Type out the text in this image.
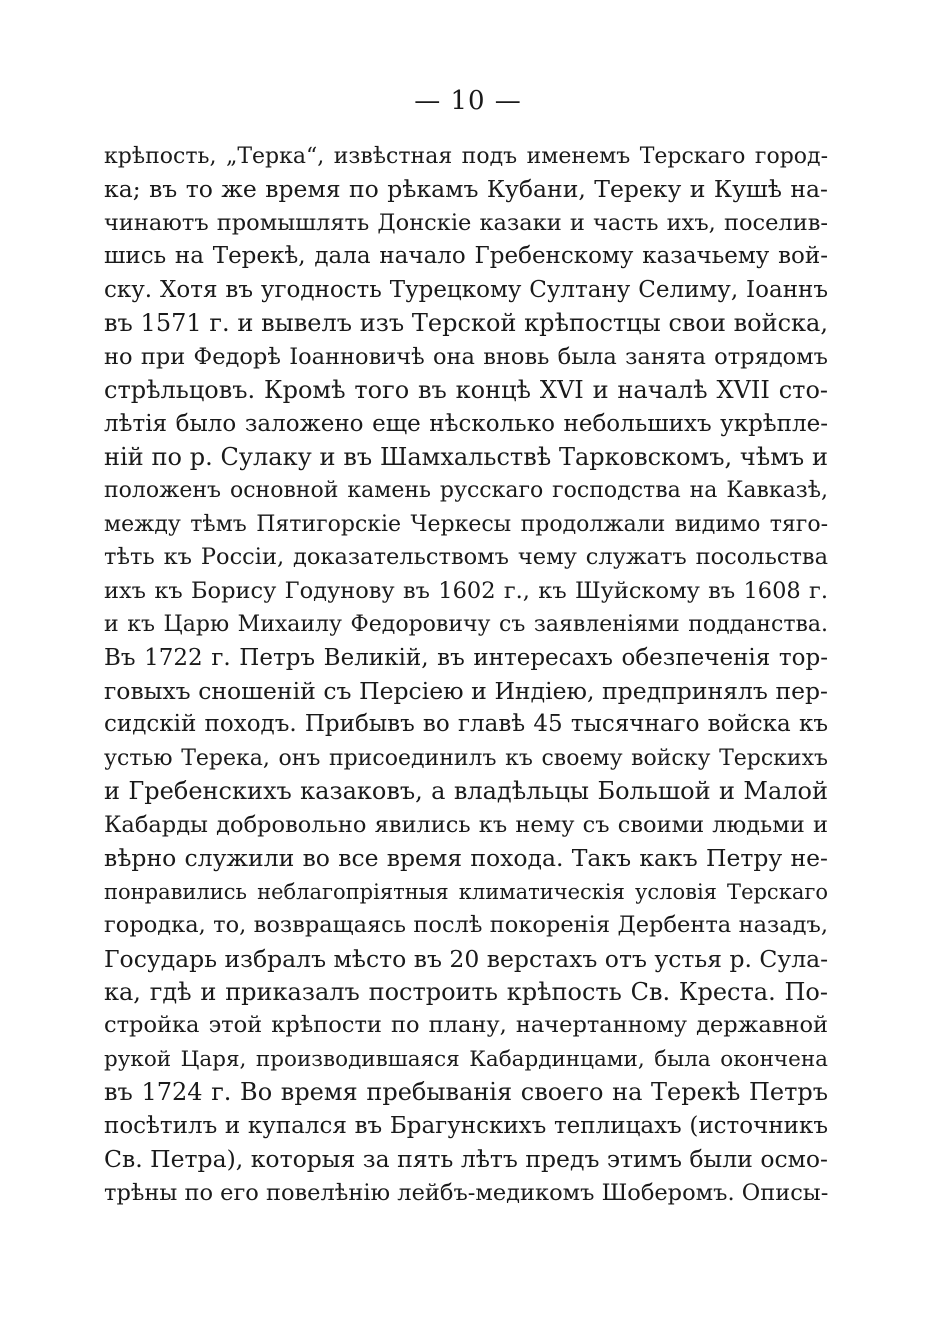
— 10 —
крѣпость, „Терка“, извѣстная подъ именемъ Терскаго город-
ка; въ то же время по рѣкамъ Кубани, Тереку и Кушѣ на-
чинаютъ промышлять Донскіе казаки и часть ихъ, поселив-
шись на Терекѣ, дала начало Гребенскому казачьему вой-
ску. Хотя въ угодность Турецкому Султану Селиму, Іоаннъ
въ 1571 г. и вывелъ изъ Терской крѣпостцы свои войска,
но при Федорѣ Іоанновичѣ она вновь была занята отрядомъ
стрѣльцовъ. Кромѣ того въ концѣ XVI и началѣ XVII сто-
лѣтія было заложено еще нѣсколько небольшихъ укрѣпле-
ній по р. Сулаку и въ Шамхальствѣ Тарковскомъ, чѣмъ и
положенъ основной камень русскаго господства на Кавказѣ,
между тѣмъ Пятигорскіе Черкесы продолжали видимо тяго-
тѣть къ Россіи, доказательствомъ чему служатъ посольства
ихъ къ Борису Годунову въ 1602 г., къ Шуйскому въ 1608 г.
и къ Царю Михаилу Федоровичу съ заявленіями подданства.
Въ 1722 г. Петръ Великій, въ интересахъ обезпеченія тор-
говыхъ сношеній съ Персіею и Индіею, предпринялъ пер-
сидскій походъ. Прибывъ во главѣ 45 тысячнаго войска къ
устью Терека, онъ присоединилъ къ своему войску Терскихъ
и Гребенскихъ казаковъ, а владѣльцы Большой и Малой
Кабарды добровольно явились къ нему съ своими людьми и
вѣрно служили во все время похода. Такъ какъ Петру не-
понравились неблагопріятныя климатическія условія Терскаго
городка, то, возвращаясь послѣ покоренія Дербента назадъ,
Государь избралъ мѣсто въ 20 верстахъ отъ устья р. Сула-
ка, гдѣ и приказалъ построить крѣпость Св. Креста. По-
стройка этой крѣпости по плану, начертанному державной
рукой Царя, производившаяся Кабардинцами, была окончена
въ 1724 г. Во время пребыванія своего на Терекѣ Петръ
посѣтилъ и купался въ Брагунскихъ теплицахъ (источникъ
Св. Петра), которыя за пять лѣтъ предъ этимъ были осмо-
трѣны по его повелѣнію лейбъ-медикомъ Шоберомъ. Описы-
